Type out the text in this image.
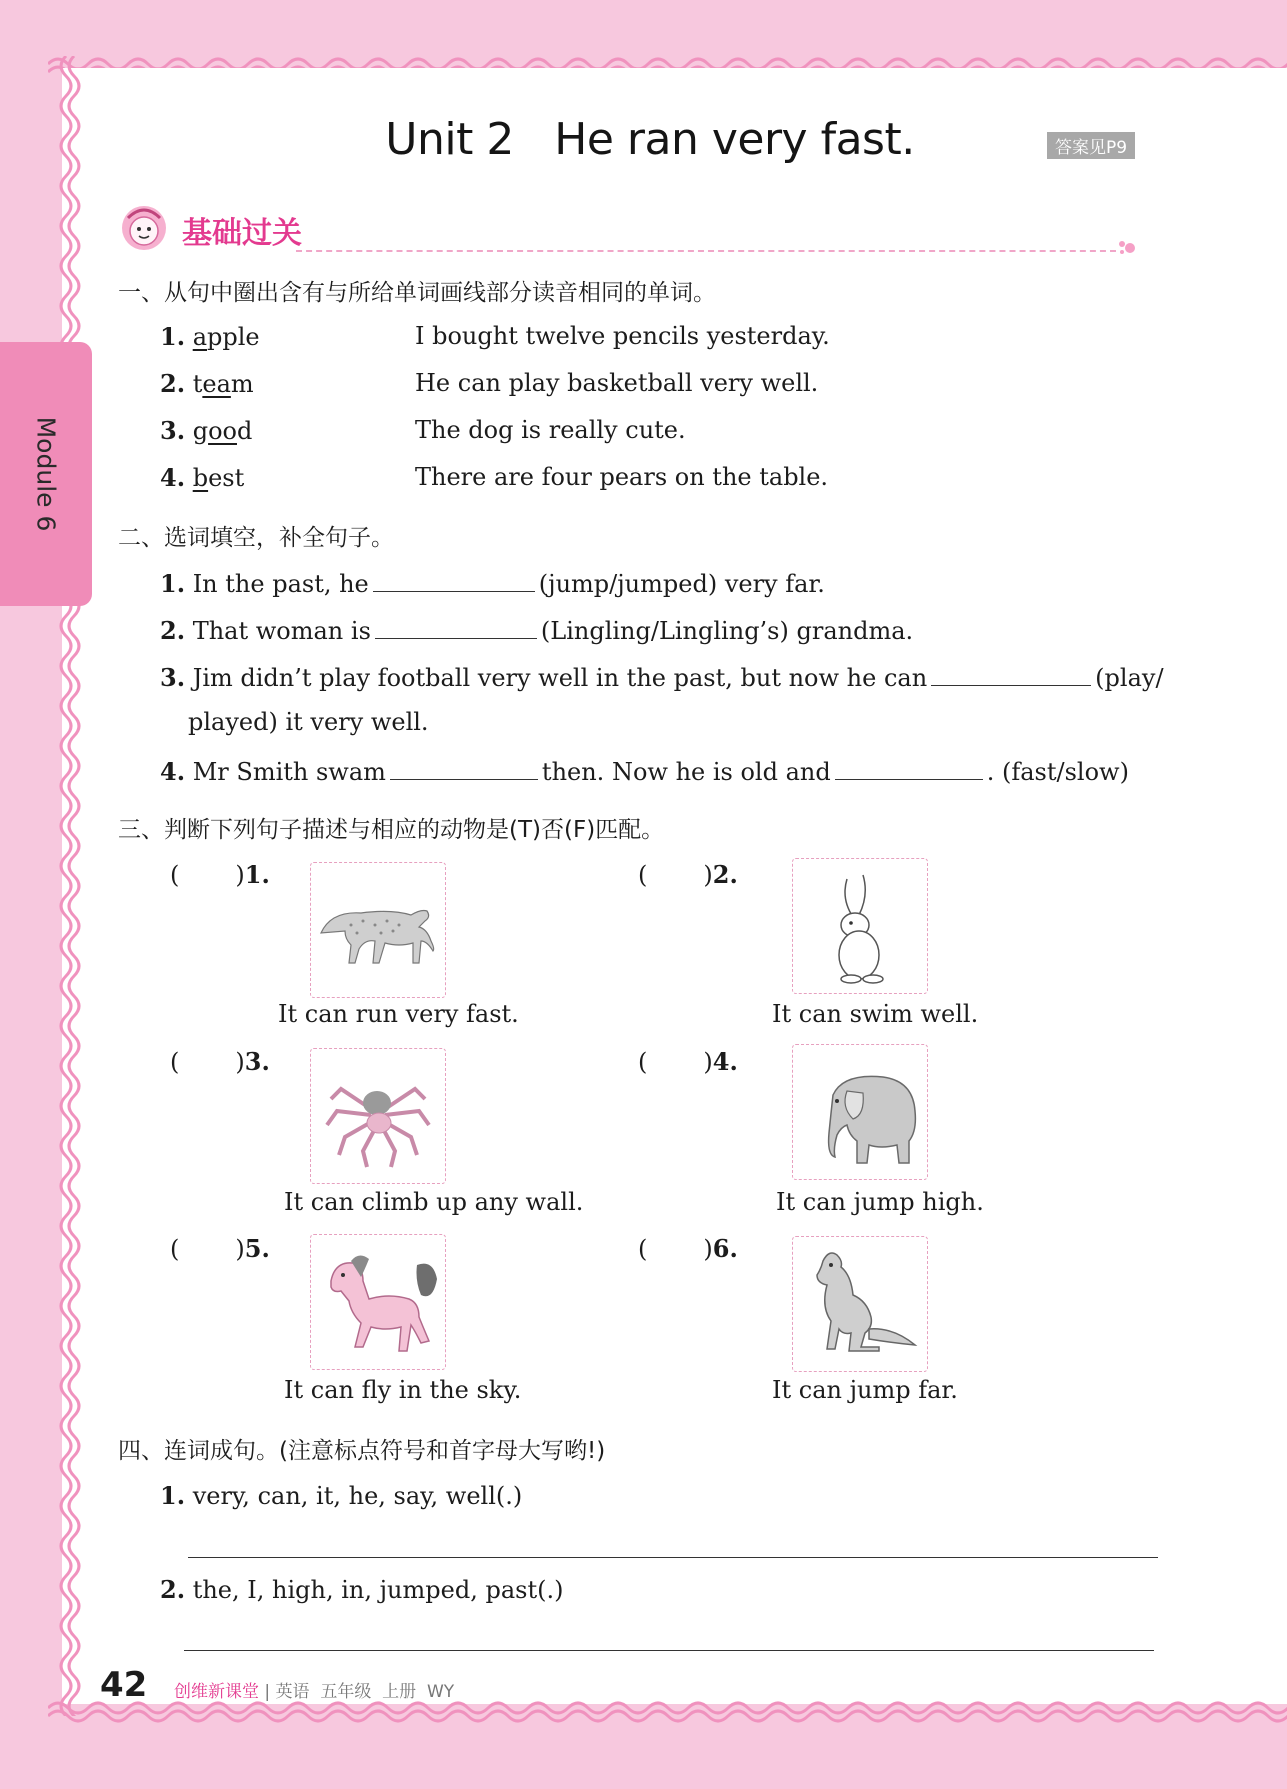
Module 6
Unit 2   He ran very fast.	答案见P9
基础过关
一、从句中圈出含有与所给单词画线部分读音相同的单词。
1. apple	I bought twelve pencils yesterday.
2. team	He can play basketball very well.
3. good	The dog is really cute.
4. best	There are four pears on the table.
二、选词填空，补全句子。
1. In the past, he	(jump/jumped) very far.
2. That woman is	(Lingling/Lingling’s) grandma.
3. Jim didn’t play football very well in the past, but now he can	(play/
played) it very well.
4. Mr Smith swam	then. Now he is old and	. (fast/slow)
三、判断下列句子描述与相应的动物是(T)否(F)匹配。
( )1.
It can run very fast.
( )2.
It can swim well.
( )3.
It can climb up any wall.
( )4.
It can jump high.
( )5.
It can fly in the sky.
( )6.
It can jump far.
四、连词成句。(注意标点符号和首字母大写哟!)
1. very, can, it, he, say, well(.)
2. the, I, high, in, jumped, past(.)
42 创维新课堂 | 英语  五年级  上册  WY
